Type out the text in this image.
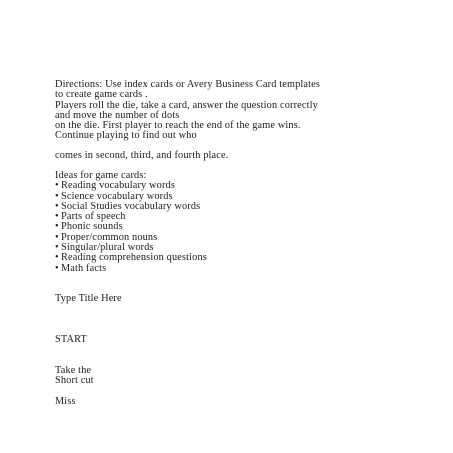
Directions: Use index cards or Avery Business Card templates
to create game cards .
Players roll the die, take a card, answer the question correctly
and move the number of dots
on the die. First player to reach the end of the game wins.
Continue playing to find out who
comes in second, third, and fourth place.
Ideas for game cards:
• Reading vocabulary words
• Science vocabulary words
• Social Studies vocabulary words
• Parts of speech
• Phonic sounds
• Proper/common nouns
• Singular/plural words
• Reading comprehension questions
• Math facts
Type Title Here
START
Take the
Short cut
Miss
